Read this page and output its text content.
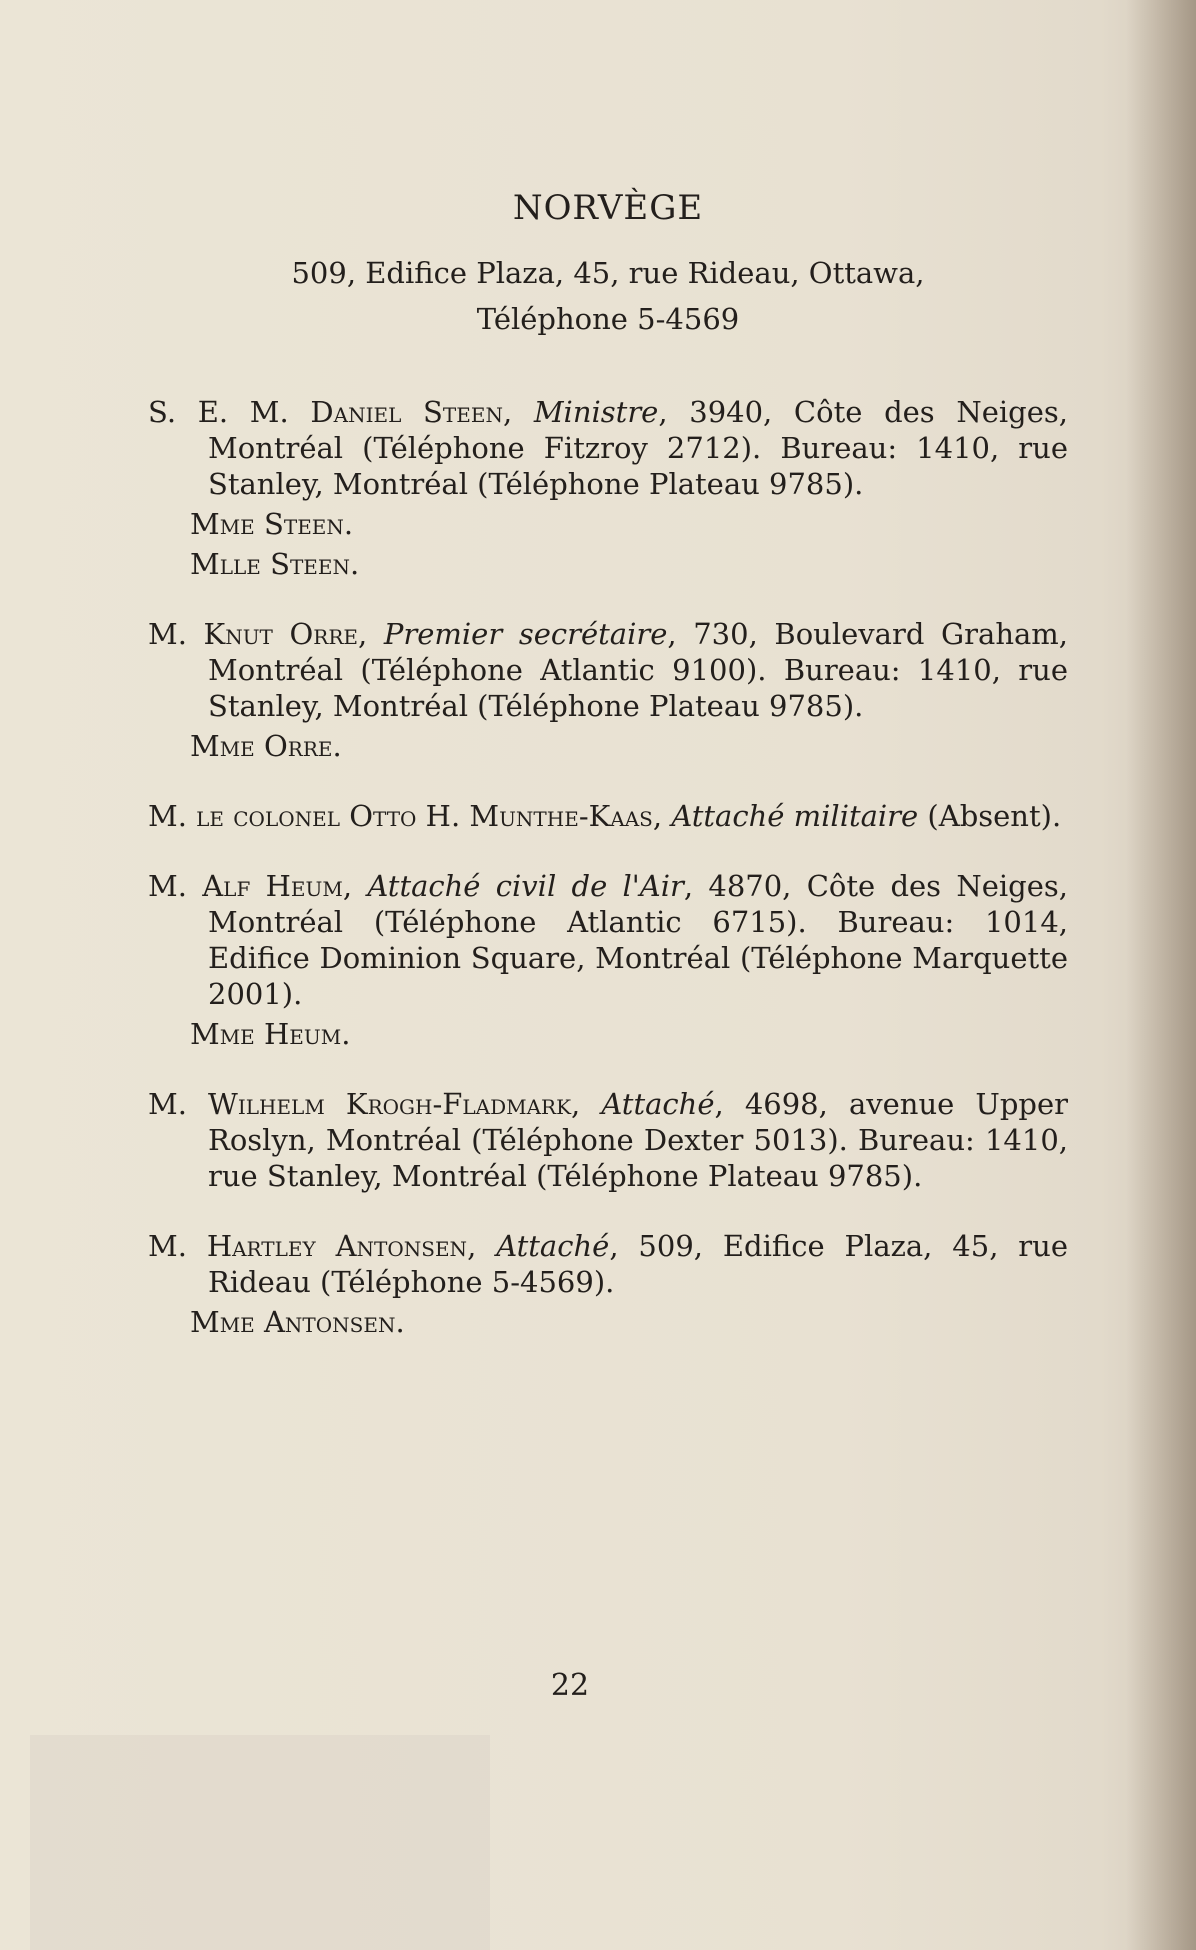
NORVÈGE

509, Edifice Plaza, 45, rue Rideau, Ottawa,

Téléphone 5-4569

S. E. M. Daniel Steen, Ministre, 3940, Côte des Neiges, Montréal (Téléphone Fitzroy 2712). Bureau: 1410, rue Stanley, Montréal (Téléphone Plateau 9785).

Mme Steen.

Mlle Steen.

M. Knut Orre, Premier secrétaire, 730, Boulevard Graham, Montréal (Téléphone Atlantic 9100). Bureau: 1410, rue Stanley, Montréal (Téléphone Plateau 9785).

Mme Orre.

M. le colonel Otto H. Munthe-Kaas, Attaché militaire (Absent).

M. Alf Heum, Attaché civil de l'Air, 4870, Côte des Neiges, Montréal (Téléphone Atlantic 6715). Bureau: 1014, Edifice Dominion Square, Montréal (Téléphone Marquette 2001).

Mme Heum.

M. Wilhelm Krogh-Fladmark, Attaché, 4698, avenue Upper Roslyn, Montréal (Téléphone Dexter 5013). Bureau: 1410, rue Stanley, Montréal (Téléphone Plateau 9785).

M. Hartley Antonsen, Attaché, 509, Edifice Plaza, 45, rue Rideau (Téléphone 5-4569).

Mme Antonsen.

22
